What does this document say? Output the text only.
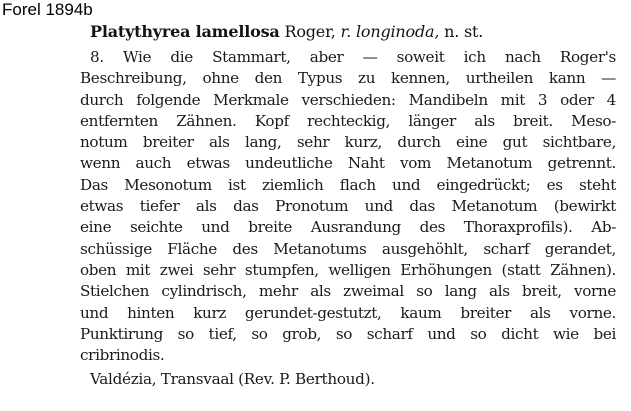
Forel 1894b
Platythyrea lamellosa Roger, r. longinoda, n. st.
8. Wie die Stammart, aber — soweit ich nach Roger's
Beschreibung, ohne den Typus zu kennen, urtheilen kann —
durch folgende Merkmale verschieden: Mandibeln mit 3 oder 4
entfernten Zähnen. Kopf rechteckig, länger als breit. Meso-
notum breiter als lang, sehr kurz, durch eine gut sichtbare,
wenn auch etwas undeutliche Naht vom Metanotum getrennt.
Das Mesonotum ist ziemlich flach und eingedrückt; es steht
etwas tiefer als das Pronotum und das Metanotum (bewirkt
eine seichte und breite Ausrandung des Thoraxprofils). Ab-
schüssige Fläche des Metanotums ausgehöhlt, scharf gerandet,
oben mit zwei sehr stumpfen, welligen Erhöhungen (statt Zähnen).
Stielchen cylindrisch, mehr als zweimal so lang als breit, vorne
und hinten kurz gerundet-gestutzt, kaum breiter als vorne.
Punktirung so tief, so grob, so scharf und so dicht wie bei
cribrinodis.
Valdézia, Transvaal (Rev. P. Berthoud).
